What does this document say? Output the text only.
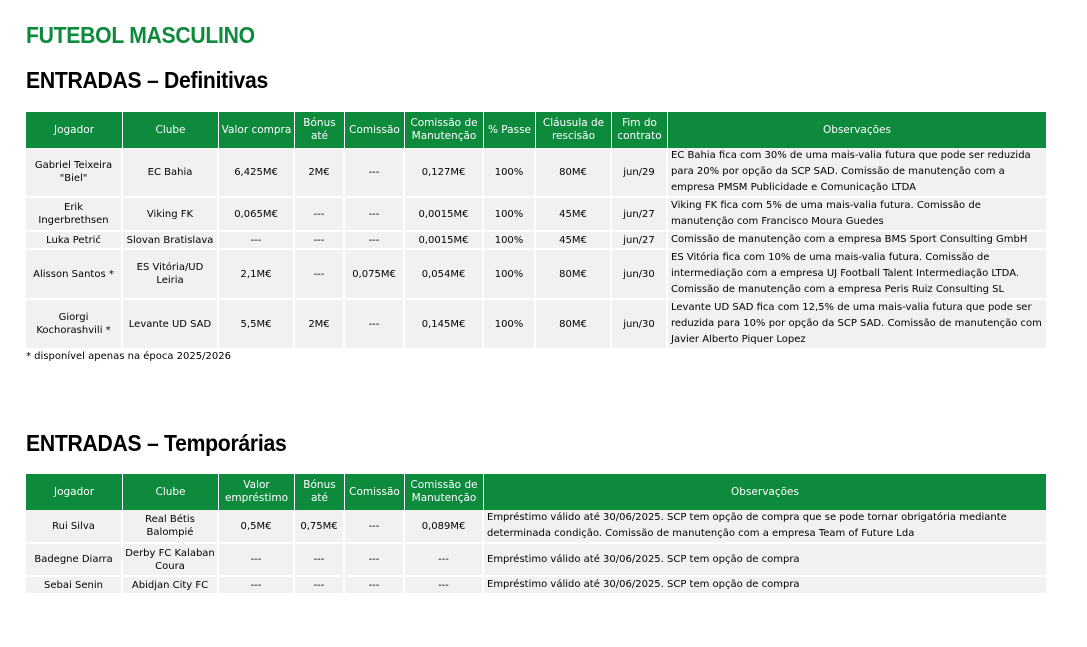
FUTEBOL MASCULINO
ENTRADAS – Definitivas
Jogador	Clube	Valor compra	Bónus até	Comissão	Comissão de Manutenção	% Passe	Cláusula de rescisão	Fim do contrato	Observações
Gabriel Teixeira "Biel"	EC Bahia	6,425M€	2M€	---	0,127M€	100%	80M€	jun/29	EC Bahia fica com 30% de uma mais-valia futura que pode ser reduzida para 20% por opção da SCP SAD. Comissão de manutenção com a empresa PMSM Publicidade e Comunicação LTDA
Erik Ingerbrethsen	Viking FK	0,065M€	---	---	0,0015M€	100%	45M€	jun/27	Viking FK fica com 5% de uma mais-valia futura. Comissão de manutenção com Francisco Moura Guedes
Luka Petrić	Slovan Bratislava	---	---	---	0,0015M€	100%	45M€	jun/27	Comissão de manutenção com a empresa BMS Sport Consulting GmbH
Alisson Santos *	ES Vitória/UD Leiria	2,1M€	---	0,075M€	0,054M€	100%	80M€	jun/30	ES Vitória fica com 10% de uma mais-valia futura. Comissão de intermediação com a empresa UJ Football Talent Intermediação LTDA. Comissão de manutenção com a empresa Peris Ruiz Consulting SL
Giorgi Kochorashvili *	Levante UD SAD	5,5M€	2M€	---	0,145M€	100%	80M€	jun/30	Levante UD SAD fica com 12,5% de uma mais-valia futura que pode ser reduzida para 10% por opção da SCP SAD. Comissão de manutenção com Javier Alberto Piquer Lopez
* disponível apenas na época 2025/2026
ENTRADAS – Temporárias
Jogador	Clube	Valor empréstimo	Bónus até	Comissão	Comissão de Manutenção	Observações
Rui Silva	Real Bétis Balompié	0,5M€	0,75M€	---	0,089M€	Empréstimo válido até 30/06/2025. SCP tem opção de compra que se pode tornar obrigatória mediante determinada condição. Comissão de manutenção com a empresa Team of Future Lda
Badegne Diarra	Derby FC Kalaban Coura	---	---	---	---	Empréstimo válido até 30/06/2025. SCP tem opção de compra
Sebai Senin	Abidjan City FC	---	---	---	---	Empréstimo válido até 30/06/2025. SCP tem opção de compra
